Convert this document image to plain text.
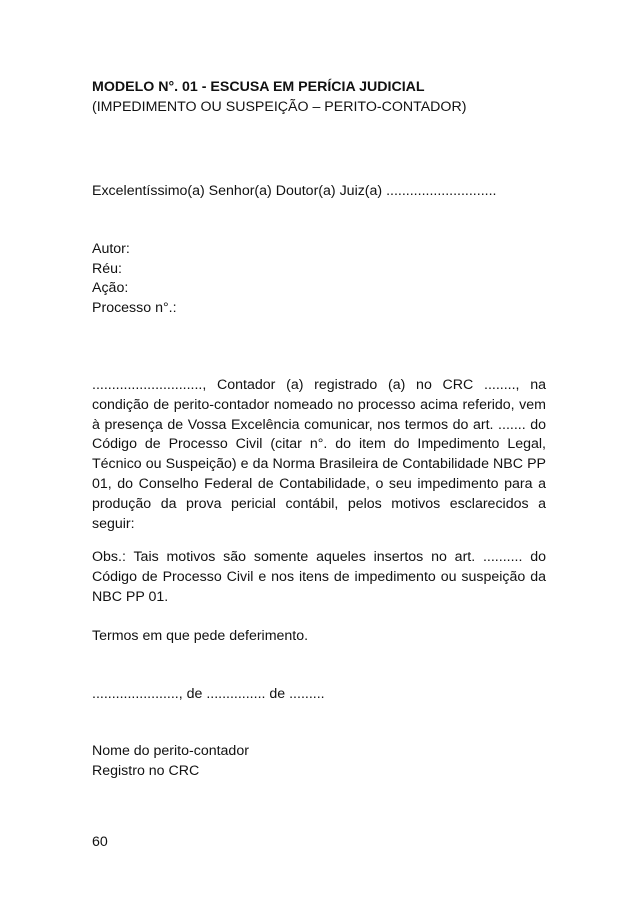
MODELO N°. 01 - ESCUSA EM PERÍCIA JUDICIAL

(IMPEDIMENTO OU SUSPEIÇÃO – PERITO-CONTADOR)

Excelentíssimo(a) Senhor(a) Doutor(a) Juiz(a) ............................

Autor:
Réu:
Ação:
Processo n°.:

............................, Contador (a) registrado (a) no CRC ........, na condição de perito-contador nomeado no processo acima referido, vem à presença de Vossa Excelência comunicar, nos termos do art. ....... do Código de Processo Civil (citar n°. do item do Impedimento Legal, Técnico ou Suspeição) e da Norma Brasileira de Contabilidade NBC PP 01, do Conselho Federal de Contabilidade, o seu impedimento para a produção da prova pericial contábil, pelos motivos esclarecidos a seguir:

Obs.: Tais motivos são somente aqueles insertos no art. .......... do Código de Processo Civil e nos itens de impedimento ou suspeição da NBC PP 01.

Termos em que pede deferimento.

......................, de ............... de .........

Nome do perito-contador
Registro no CRC

60
